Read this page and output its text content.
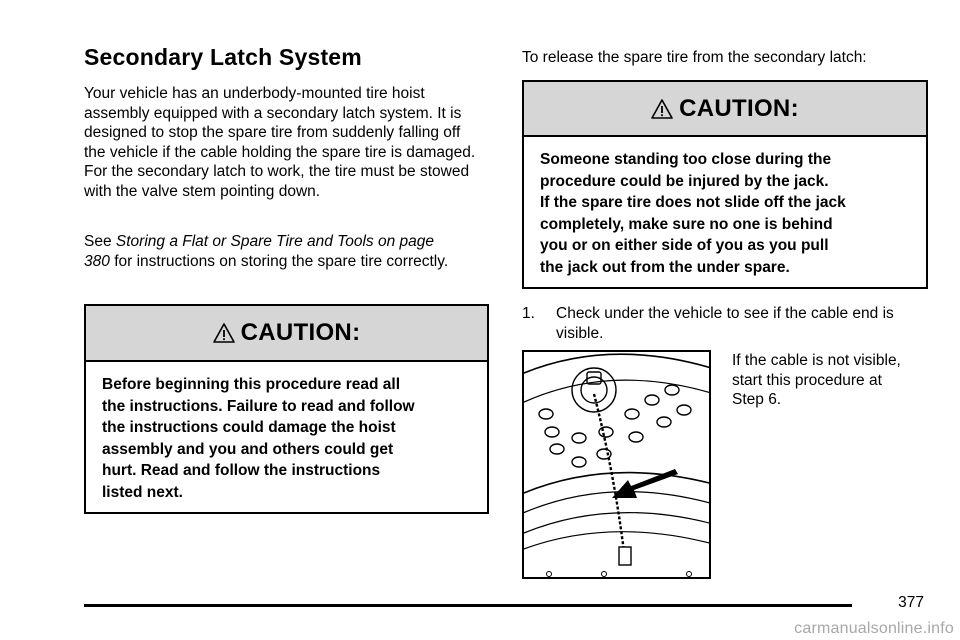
Secondary Latch System

Your vehicle has an underbody-mounted tire hoist assembly equipped with a secondary latch system. It is designed to stop the spare tire from suddenly falling off the vehicle if the cable holding the spare tire is damaged. For the secondary latch to work, the tire must be stowed with the valve stem pointing down.

See Storing a Flat or Spare Tire and Tools on page 380 for instructions on storing the spare tire correctly.

CAUTION:
Before beginning this procedure read all
the instructions. Failure to read and follow
the instructions could damage the hoist
assembly and you and others could get
hurt. Read and follow the instructions
listed next.

To release the spare tire from the secondary latch:

CAUTION:
Someone standing too close during the
procedure could be injured by the jack.
If the spare tire does not slide off the jack
completely, make sure no one is behind
you or on either side of you as you pull
the jack out from the under spare.
1. Check under the vehicle to see if the cable end is visible.

If the cable is not visible, start this procedure at Step 6.

377
carmanualsonline.info
